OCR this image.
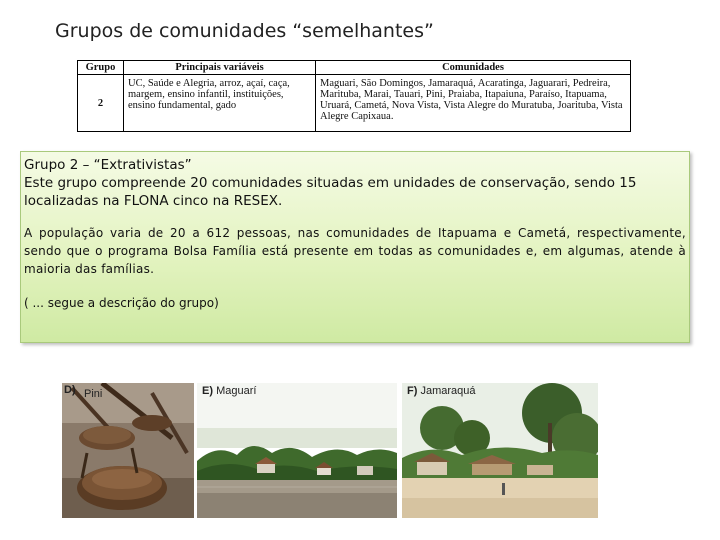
Grupos de comunidades “semelhantes”
Grupo	Principais variáveis	Comunidades
2	UC, Saúde e Alegria, arroz, açaí, caça, margem, ensino infantil, instituições, ensino fundamental, gado	Maguari, São Domingos, Jamaraquá, Acaratinga, Jaguarari, Pedreira, Marituba, Marai, Tauari, Pini, Praiaba, Itapaiuna, Paraíso, Itapuama, Uruará, Cametá, Nova Vista, Vista Alegre do Muratuba, Joarituba, Vista Alegre Capixaua.
Grupo 2 – “Extrativistas”
Este grupo compreende 20 comunidades situadas em unidades de conservação, sendo 15 localizadas na FLONA cinco na RESEX.
A população varia de 20 a 612 pessoas, nas comunidades de Itapuama e Cametá, respectivamente, sendo que o programa Bolsa Família está presente em todas as comunidades e, em algumas, atende à maioria das famílias.
( ... segue a descrição do grupo)
D) Pini	E) Maguarí	F) Jamaraquá
